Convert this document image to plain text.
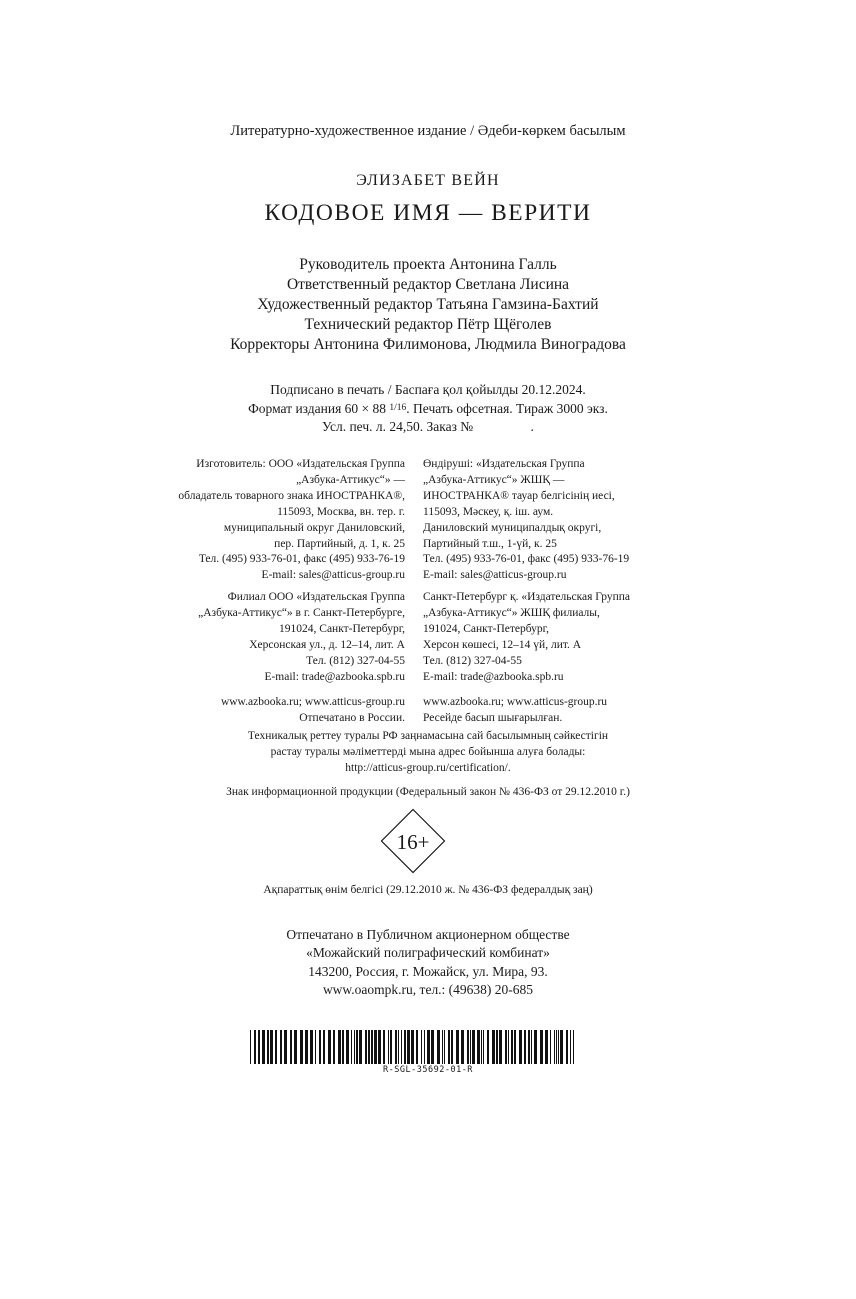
Литературно-художественное издание / Әдеби-көркем басылым
ЭЛИЗАБЕТ ВЕЙН
КОДОВОЕ ИМЯ — ВЕРИТИ

Руководитель проекта Антонина Галль

Ответственный редактор Светлана Лисина

Художественный редактор Татьяна Гамзина-Бахтий

Технический редактор Пётр Щёголев

Корректоры Антонина Филимонова, Людмила Виноградова

Подписано в печать / Баспаға қол қойылды 20.12.2024.

Формат издания 60 × 88 $^{1/16}$. Печать офсетная. Тираж 3000 экз.

Усл. печ. л. 24,50. Заказ №                 .

Изготовитель: ООО «Издательская Группа

„Азбука-Аттикус“» —

обладатель товарного знака ИНОСТРАНКА®,

115093, Москва, вн. тер. г.

муниципальный округ Даниловский,

пер. Партийный, д. 1, к. 25

Тел. (495) 933-76-01, факс (495) 933-76-19

E-mail: sales@atticus-group.ru

Филиал ООО «Издательская Группа

„Азбука-Аттикус“» в г. Санкт-Петербурге,

191024, Санкт-Петербург,

Херсонская ул., д. 12–14, лит. А

Тел. (812) 327-04-55

E-mail: trade@azbooka.spb.ru

www.azbooka.ru; www.atticus-group.ru

Отпечатано в России.

Өндіруші: «Издательская Группа

„Азбука-Аттикус“» ЖШҚ —

ИНОСТРАНКА® тауар белгісінің иесі,

115093, Мәскеу, қ. іш. аум.

Даниловский муниципалдық округі,

Партийный т.ш., 1-үй, к. 25

Тел. (495) 933-76-01, факс (495) 933-76-19

E-mail: sales@atticus-group.ru

Санкт-Петербург қ. «Издательская Группа

„Азбука-Аттикус“» ЖШҚ филиалы,

191024, Санкт-Петербург,

Херсон көшесі, 12–14 үй, лит. А

Тел. (812) 327-04-55

E-mail: trade@azbooka.spb.ru

www.azbooka.ru; www.atticus-group.ru

Ресейде басып шығарылған.

Техникалық реттеу туралы РФ заңнамасына сай басылымның сәйкестігін

растау туралы мәліметтерді мына адрес бойынша алуға болады:

http://atticus-group.ru/certification/.

Знак информационной продукции (Федеральный закон № 436-ФЗ от 29.12.2010 г.)
16+
Ақпараттық өнім белгісі (29.12.2010 ж. № 436-ФЗ федералдық заң)

Отпечатано в Публичном акционерном обществе

«Можайский полиграфический комбинат»

143200, Россия, г. Можайск, ул. Мира, 93.

www.oaompk.ru, тел.: (49638) 20-685

R-SGL-35692-01-R
